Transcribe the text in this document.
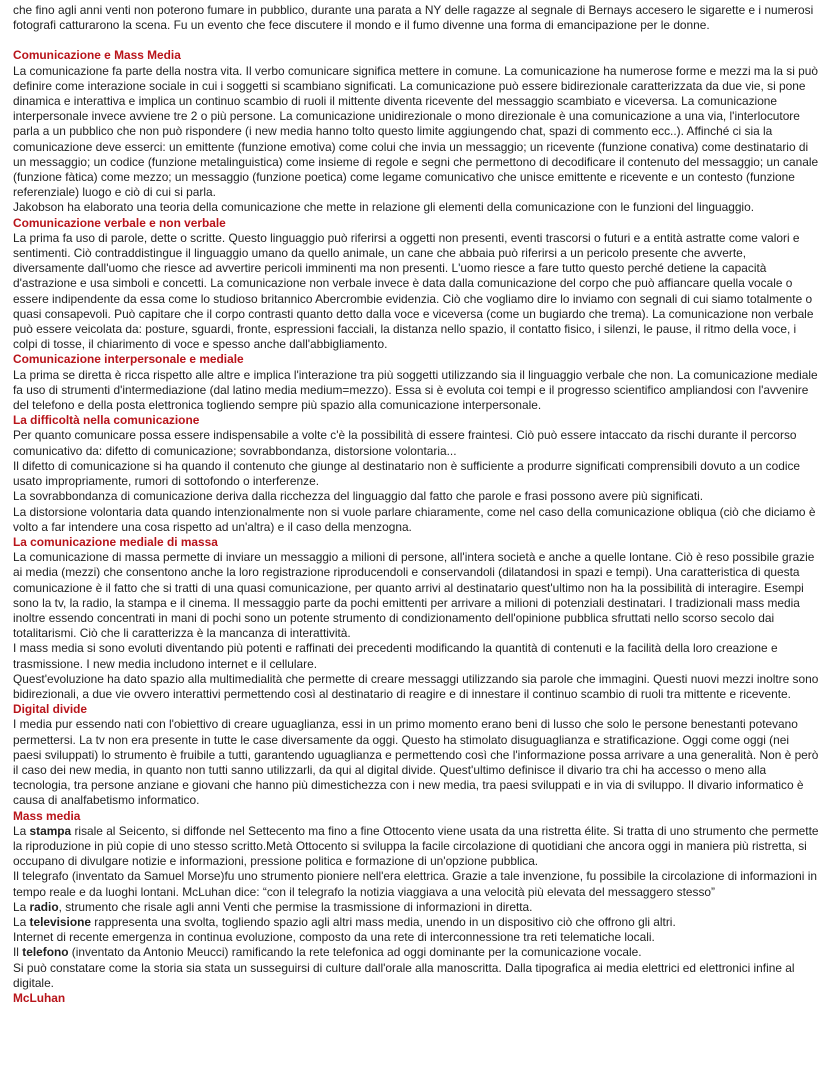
che fino agli anni venti non poterono fumare in pubblico, durante una parata a NY delle ragazze al segnale di Bernays accesero le sigarette e i numerosi fotografi catturarono la scena. Fu un evento che fece discutere il mondo e il fumo divenne una forma di emancipazione per le donne.

Comunicazione e Mass Media

La comunicazione fa parte della nostra vita. Il verbo comunicare significa mettere in comune. La comunicazione ha numerose forme e mezzi ma la si può definire come interazione sociale in cui i soggetti si scambiano significati. La comunicazione può essere bidirezionale caratterizzata da due vie, si pone dinamica e interattiva e implica un continuo scambio di ruoli il mittente diventa ricevente del messaggio scambiato e viceversa. La comunicazione interpersonale invece avviene tre 2 o più persone. La comunicazione unidirezionale o mono direzionale è una comunicazione a una via, l'interlocutore parla a un pubblico che non può rispondere (i new media hanno tolto questo limite aggiungendo chat, spazi di commento ecc..). Affinché ci sia la comunicazione deve esserci: un emittente (funzione emotiva) come colui che invia un messaggio; un ricevente (funzione conativa) come destinatario di un messaggio; un codice (funzione metalinguistica) come insieme di regole e segni che permettono di decodificare il contenuto del messaggio; un canale (funzione fàtica) come mezzo; un messaggio (funzione poetica) come legame comunicativo che unisce emittente e ricevente e un contesto (funzione referenziale) luogo e ciò di cui si parla.

Jakobson ha elaborato una teoria della comunicazione che mette in relazione gli elementi della comunicazione con le funzioni del linguaggio.

Comunicazione verbale e non verbale

La prima fa uso di parole, dette o scritte. Questo linguaggio può riferirsi a oggetti non presenti, eventi trascorsi o futuri e a entità astratte come valori e sentimenti. Ciò contraddistingue il linguaggio umano da quello animale, un cane che abbaia può riferirsi a un pericolo presente che avverte, diversamente dall'uomo che riesce ad avvertire pericoli imminenti ma non presenti. L'uomo riesce a fare tutto questo perché detiene la capacità d'astrazione e usa simboli e concetti. La comunicazione non verbale invece è data dalla comunicazione del corpo che può affiancare quella vocale o essere indipendente da essa come lo studioso britannico Abercrombie evidenzia. Ciò che vogliamo dire lo inviamo con segnali di cui siamo totalmente o quasi consapevoli. Può capitare che il corpo contrasti quanto detto dalla voce e viceversa (come un bugiardo che trema). La comunicazione non verbale può essere veicolata da: posture, sguardi, fronte, espressioni facciali, la distanza nello spazio, il contatto fisico, i silenzi, le pause, il ritmo della voce, i colpi di tosse, il chiarimento di voce e spesso anche dall'abbigliamento.

Comunicazione interpersonale e mediale

La prima se diretta è ricca rispetto alle altre e implica l'interazione tra più soggetti utilizzando sia il linguaggio verbale che non. La comunicazione mediale fa uso di strumenti d'intermediazione (dal latino media medium=mezzo). Essa si è evoluta coi tempi e il progresso scientifico ampliandosi con l'avvenire del telefono e della posta elettronica togliendo sempre più spazio alla comunicazione interpersonale.

La difficoltà nella comunicazione

Per quanto comunicare possa essere indispensabile a volte c'è la possibilità di essere fraintesi. Ciò può essere intaccato da rischi durante il percorso comunicativo da: difetto di comunicazione; sovrabbondanza, distorsione volontaria...

Il difetto di comunicazione si ha quando il contenuto che giunge al destinatario non è sufficiente a produrre significati comprensibili dovuto a un codice usato impropriamente, rumori di sottofondo o interferenze.

La sovrabbondanza di comunicazione deriva dalla ricchezza del linguaggio dal fatto che parole e frasi possono avere più significati.

La distorsione volontaria data quando intenzionalmente non si vuole parlare chiaramente, come nel caso della comunicazione obliqua (ciò che diciamo è volto a far intendere una cosa rispetto ad un'altra) e il caso della menzogna.

La comunicazione mediale di massa

La comunicazione di massa permette di inviare un messaggio a milioni di persone, all'intera società e anche a quelle lontane. Ciò è reso possibile grazie ai media (mezzi) che consentono anche la loro registrazione riproducendoli e conservandoli (dilatandosi in spazi e tempi). Una caratteristica di questa comunicazione è il fatto che si tratti di una quasi comunicazione, per quanto arrivi al destinatario quest'ultimo non ha la possibilità di interagire. Esempi sono la tv, la radio, la stampa e il cinema. Il messaggio parte da pochi emittenti per arrivare a milioni di potenziali destinatari. I tradizionali mass media inoltre essendo concentrati in mani di pochi sono un potente strumento di condizionamento dell'opinione pubblica sfruttati nello scorso secolo dai totalitarismi. Ciò che li caratterizza è la mancanza di interattività.

I mass media si sono evoluti diventando più potenti e raffinati dei precedenti modificando la quantità di contenuti e la facilità della loro creazione e trasmissione. I new media includono internet e il cellulare.

Quest'evoluzione ha dato spazio alla multimedialità che permette di creare messaggi utilizzando sia parole che immagini. Questi nuovi mezzi inoltre sono bidirezionali, a due vie ovvero interattivi permettendo così al destinatario di reagire e di innestare il continuo scambio di ruoli tra mittente e ricevente.

Digital divide

I media pur essendo nati con l'obiettivo di creare uguaglianza, essi in un primo momento erano beni di lusso che solo le persone benestanti potevano permettersi. La tv non era presente in tutte le case diversamente da oggi. Questo ha stimolato disuguaglianza e stratificazione. Oggi come oggi (nei paesi sviluppati) lo strumento è fruibile a tutti, garantendo uguaglianza e permettendo così che l'informazione possa arrivare a una generalità. Non è però il caso dei new media, in quanto non tutti sanno utilizzarli, da qui al digital divide. Quest'ultimo definisce il divario tra chi ha accesso o meno alla tecnologia, tra persone anziane e giovani che hanno più dimestichezza con i new media, tra paesi sviluppati e in via di sviluppo. Il divario informatico è causa di analfabetismo informatico.

Mass media

La stampa risale al Seicento, si diffonde nel Settecento ma fino a fine Ottocento viene usata da una ristretta élite. Si tratta di uno strumento che permette la riproduzione in più copie di uno stesso scritto.Metà Ottocento si sviluppa la facile circolazione di quotidiani che ancora oggi in maniera più ristretta, si occupano di divulgare notizie e informazioni, pressione politica e formazione di un'opzione pubblica.

Il telegrafo (inventato da Samuel Morse)fu uno strumento pioniere nell'era elettrica. Grazie a tale invenzione, fu possibile la circolazione di informazioni in tempo reale e da luoghi lontani. McLuhan dice: “con il telegrafo la notizia viaggiava a una velocità più elevata del messaggero stesso”

La radio, strumento che risale agli anni Venti che permise la trasmissione di informazioni in diretta.

La televisione rappresenta una svolta, togliendo spazio agli altri mass media, unendo in un dispositivo ciò che offrono gli altri.

Internet di recente emergenza in continua evoluzione, composto da una rete di interconnessione tra reti telematiche locali.

Il telefono (inventato da Antonio Meucci) ramificando la rete telefonica ad oggi dominante per la comunicazione vocale.

Si può constatare come la storia sia stata un susseguirsi di culture dall'orale alla manoscritta. Dalla tipografica ai media elettrici ed elettronici infine al digitale.

McLuhan
